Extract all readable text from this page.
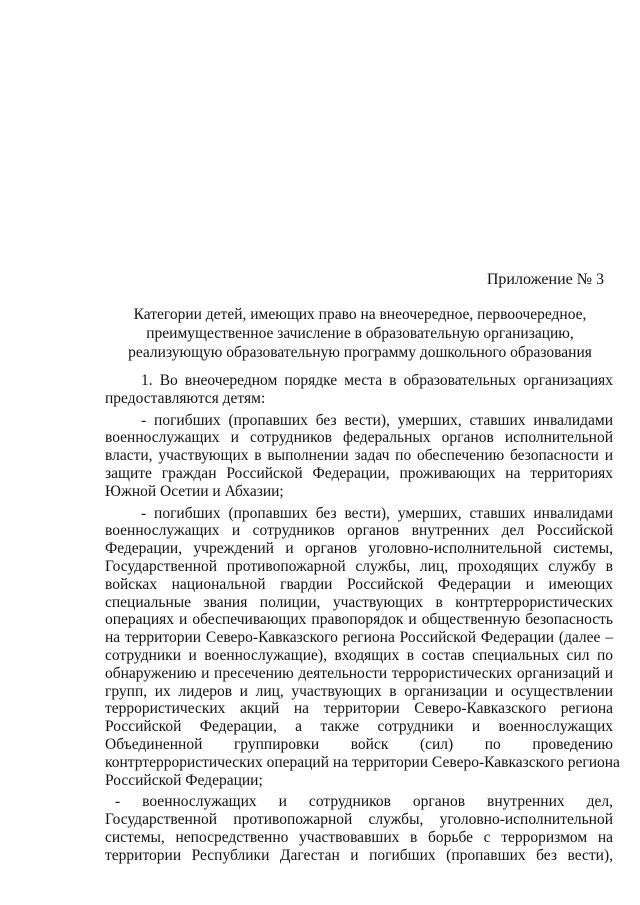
Приложение № 3
Категории детей, имеющих право на внеочередное, первоочередное,
преимущественное зачисление в образовательную организацию,
реализующую образовательную программу дошкольного образования
1. Во внеочередном порядке места в образовательных организациях
предоставляются детям:
- погибших (пропавших без вести), умерших, ставших инвалидами
военнослужащих и сотрудников федеральных органов исполнительной
власти, участвующих в выполнении задач по обеспечению безопасности и
защите граждан Российской Федерации, проживающих на территориях
Южной Осетии и Абхазии;
- погибших (пропавших без вести), умерших, ставших инвалидами
военнослужащих и сотрудников органов внутренних дел Российской
Федерации, учреждений и органов уголовно-исполнительной системы,
Государственной противопожарной службы, лиц, проходящих службу в
войсках национальной гвардии Российской Федерации и имеющих
специальные звания полиции, участвующих в контртеррористических
операциях и обеспечивающих правопорядок и общественную безопасность
на территории Северо-Кавказского региона Российской Федерации (далее –
сотрудники и военнослужащие), входящих в состав специальных сил по
обнаружению и пресечению деятельности террористических организаций и
групп, их лидеров и лиц, участвующих в организации и осуществлении
террористических акций на территории Северо-Кавказского региона
Российской Федерации, а также сотрудники и военнослужащих
Объединенной группировки войск (сил) по проведению
контртеррористических операций на территории Северо-Кавказского региона
Российской Федерации;
- военнослужащих и сотрудников органов внутренних дел,
Государственной противопожарной службы, уголовно-исполнительной
системы, непосредственно участвовавших в борьбе с терроризмом на
территории Республики Дагестан и погибших (пропавших без вести),
